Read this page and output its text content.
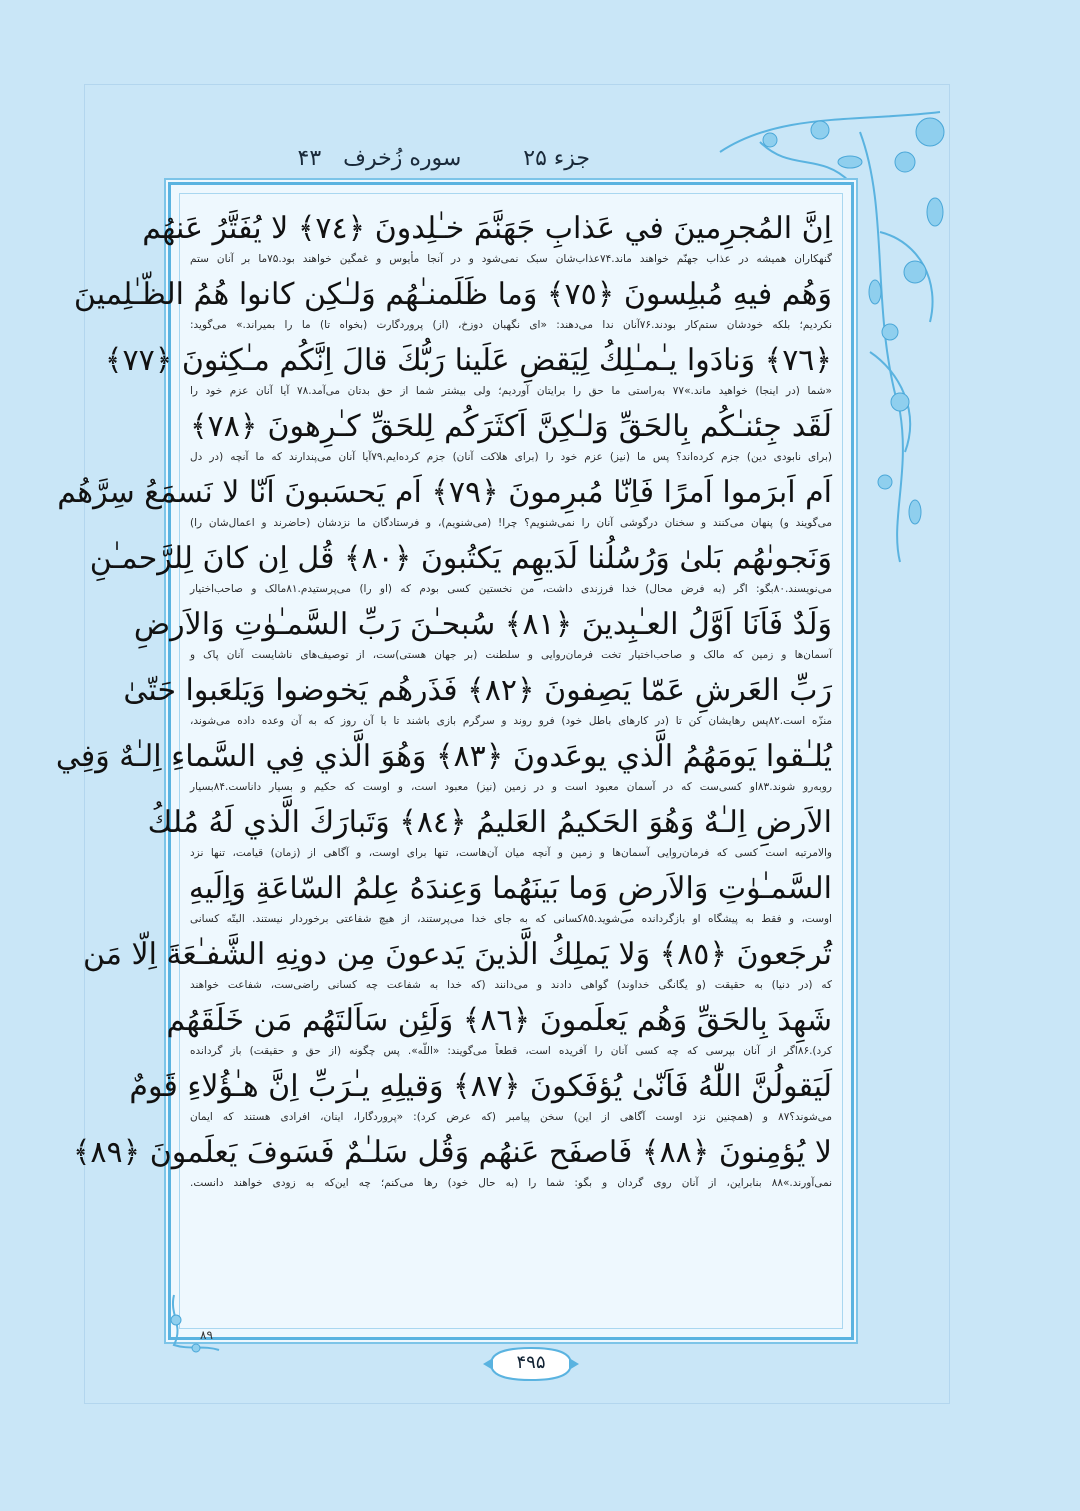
جزء ۲۵
سوره زُخرف
۴۳
اِنَّ المُجرِمينَ في عَذابِ جَهَنَّمَ خـٰلِدونَ ﴿٧٤﴾ لا يُفَتَّرُ عَنهُم
گنهکاران همیشه در عذاب جهنّم خواهند ماند.۷۴عذاب‌شان سبک نمی‌شود و در آنجا مأیوس و غمگین خواهند بود.۷۵ما بر آنان ستم
وَهُم فيهِ مُبلِسونَ ﴿٧٥﴾ وَما ظَلَمنـٰهُم وَلـٰكِن كانوا هُمُ الظّـٰلِمينَ
نکردیم؛ بلکه خودشان ستم‌کار بودند.۷۶آنان ندا می‌دهند: «ای نگهبان دوزخ، (از) پروردگارت (بخواه تا) ما را بمیراند.» می‌گوید:
﴿٧٦﴾ وَنادَوا يـٰمـٰلِكُ لِيَقضِ عَلَينا رَبُّكَ قالَ اِنَّكُم مـٰكِثونَ ﴿٧٧﴾
«شما (در اینجا) خواهید ماند.»۷۷ به‌راستی ما حق را برایتان آوردیم؛ ولی بیشتر شما از حق بدتان می‌آمد.۷۸ آیا آنان عزم خود را
لَقَد جِئنـٰكُم بِالحَقِّ وَلـٰكِنَّ اَكثَرَكُم لِلحَقِّ كـٰرِهونَ ﴿٧٨﴾
(برای نابودی دین) جزم کرده‌اند؟ پس ما (نیز) عزم خود را (برای هلاکت آنان) جزم کرده‌ایم.۷۹آیا آنان می‌پندارند که ما آنچه (در دل
اَم اَبرَموا اَمرًا فَاِنّا مُبرِمونَ ﴿٧٩﴾ اَم يَحسَبونَ اَنّا لا نَسمَعُ سِرَّهُم
می‌گویند و) پنهان می‌کنند و سخنان درگوشی آنان را نمی‌شنویم؟ چرا! (می‌شنویم)، و فرستادگان ما نزدشان (حاضرند و اعمال‌شان را)
وَنَجوىٰهُم بَلىٰ وَرُسُلُنا لَدَيهِم يَكتُبونَ ﴿٨٠﴾ قُل اِن كانَ لِلرَّحمـٰنِ
می‌نویسند.۸۰بگو: اگر (به فرض محال) خدا فرزندی داشت، من نخستین کسی بودم که (او را) می‌پرستیدم.۸۱مالک و صاحب‌اختیار
وَلَدٌ فَاَنَا اَوَّلُ العـٰبِدينَ ﴿٨١﴾ سُبحـٰنَ رَبِّ السَّمـٰوٰتِ وَالاَرضِ
آسمان‌ها و زمین که مالک و صاحب‌اختیار تخت فرمان‌روایی و سلطنت (بر جهان هستی)ست، از توصیف‌های ناشایست آنان پاک و
رَبِّ العَرشِ عَمّا يَصِفونَ ﴿٨٢﴾ فَذَرهُم يَخوضوا وَيَلعَبوا حَتّىٰ
منزّه است.۸۲پس رهایشان کن تا (در کارهای باطل خود) فرو روند و سرگرم بازی باشند تا با آن روز که به آن وعده داده می‌شوند،
يُلـٰقوا يَومَهُمُ الَّذي يوعَدونَ ﴿٨٣﴾ وَهُوَ الَّذي فِي السَّماءِ اِلـٰهٌ وَفِي
روبه‌رو شوند.۸۳او کسی‌ست که در آسمان معبود است و در زمین (نیز) معبود است، و اوست که حکیم و بسیار داناست.۸۴بسیار
الاَرضِ اِلـٰهٌ وَهُوَ الحَكيمُ العَليمُ ﴿٨٤﴾ وَتَبارَكَ الَّذي لَهُ مُلكُ
والامرتبه است کسی که فرمان‌روایی آسمان‌ها و زمین و آنچه میان آن‌هاست، تنها برای اوست، و آگاهی از (زمان) قیامت، تنها نزد
السَّمـٰوٰتِ وَالاَرضِ وَما بَينَهُما وَعِندَهُ عِلمُ السّاعَةِ وَاِلَيهِ
اوست، و فقط به پیشگاه او بازگردانده می‌شوید.۸۵کسانی که به جای خدا می‌پرستند، از هیچ شفاعتی برخوردار نیستند. البتّه کسانی
تُرجَعونَ ﴿٨٥﴾ وَلا يَملِكُ الَّذينَ يَدعونَ مِن دونِهِ الشَّفـٰعَةَ اِلّا مَن
که (در دنیا) به حقیقت (و یگانگی خداوند) گواهی دادند و می‌دانند (که خدا به شفاعت چه کسانی راضی‌ست، شفاعت خواهند
شَهِدَ بِالحَقِّ وَهُم يَعلَمونَ ﴿٨٦﴾ وَلَئِن سَاَلتَهُم مَن خَلَقَهُم
کرد).۸۶اگر از آنان بپرسی که چه کسی آنان را آفریده است، قطعاً می‌گویند: «اللّه». پس چگونه (از حق و حقیقت) باز گردانده
لَيَقولُنَّ اللّٰهُ فَاَنّىٰ يُؤفَكونَ ﴿٨٧﴾ وَقيلِهِ يـٰرَبِّ اِنَّ هـٰؤُلاءِ قَومٌ
می‌شوند؟۸۷ و (همچنین نزد اوست آگاهی از این) سخن پیامبر (که عرض کرد): «پروردگارا، اینان، افرادی هستند که ایمان
لا يُؤمِنونَ ﴿٨٨﴾ فَاصفَح عَنهُم وَقُل سَلـٰمٌ فَسَوفَ يَعلَمونَ ﴿٨٩﴾
نمی‌آورند.»۸۸ بنابراین، از آنان روی گردان و بگو: شما را (به حال خود) رها می‌کنم؛ چه این‌که به زودی خواهند دانست.
۸۹
۴۹۵
